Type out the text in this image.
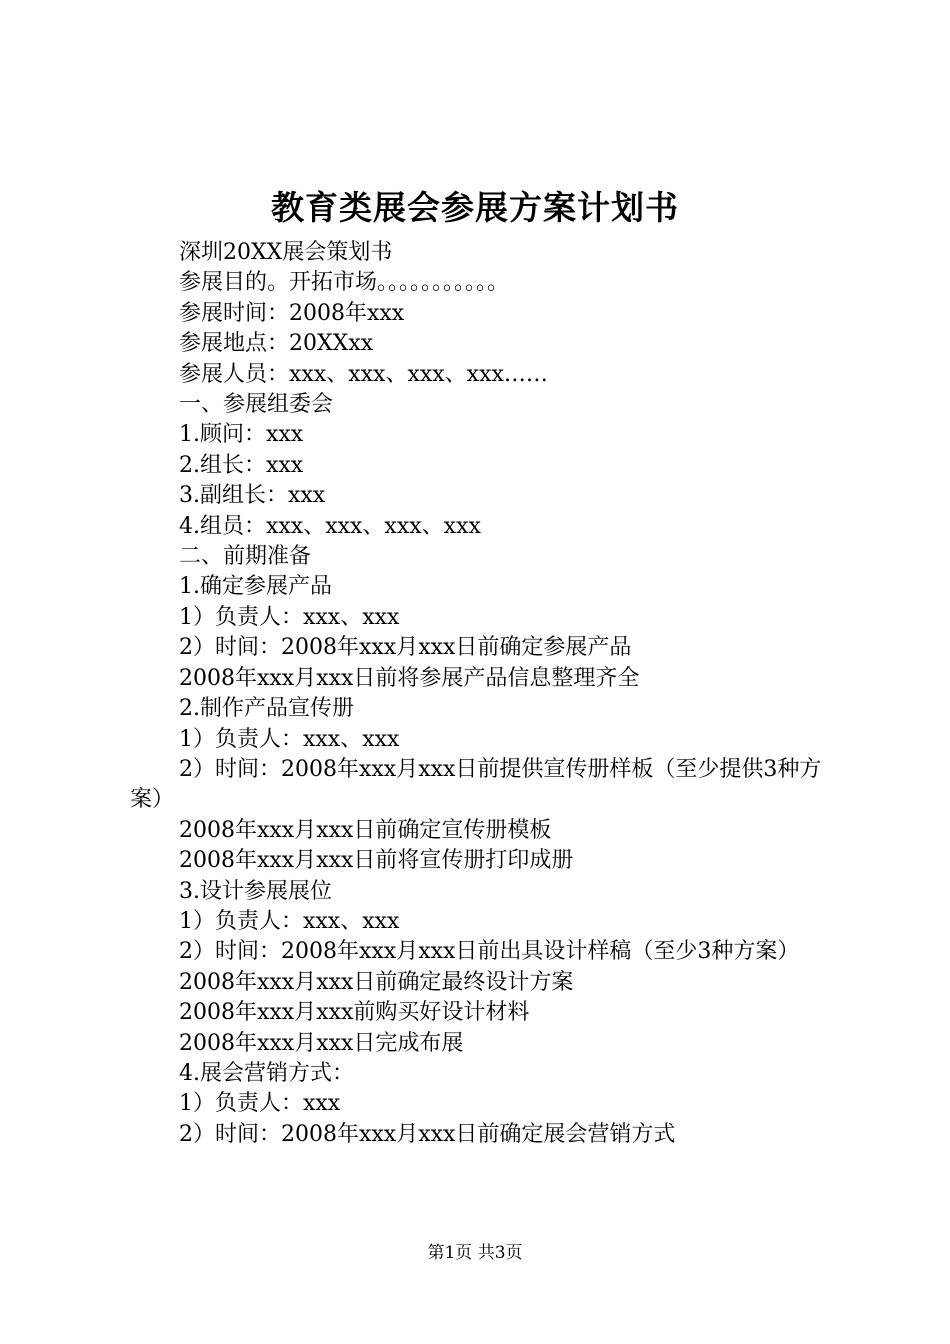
教育类展会参展方案计划书
深圳20XX展会策划书
参展目的。开拓市场。。。。。。。。。。。
参展时间：2008年xxx
参展地点：20XXxx
参展人员：xxx、xxx、xxx、xxx……
一、参展组委会
1.顾问：xxx
2.组长：xxx
3.副组长：xxx
4.组员：xxx、xxx、xxx、xxx
二、前期准备
1.确定参展产品
1）负责人：xxx、xxx
2）时间：2008年xxx月xxx日前确定参展产品
2008年xxx月xxx日前将参展产品信息整理齐全
2.制作产品宣传册
1）负责人：xxx、xxx
2）时间：2008年xxx月xxx日前提供宣传册样板（至少提供3种方案）
2008年xxx月xxx日前确定宣传册模板
2008年xxx月xxx日前将宣传册打印成册
3.设计参展展位
1）负责人：xxx、xxx
2）时间：2008年xxx月xxx日前出具设计样稿（至少3种方案）
2008年xxx月xxx日前确定最终设计方案
2008年xxx月xxx前购买好设计材料
2008年xxx月xxx日完成布展
4.展会营销方式：
1）负责人：xxx
2）时间：2008年xxx月xxx日前确定展会营销方式
第1页 共3页
